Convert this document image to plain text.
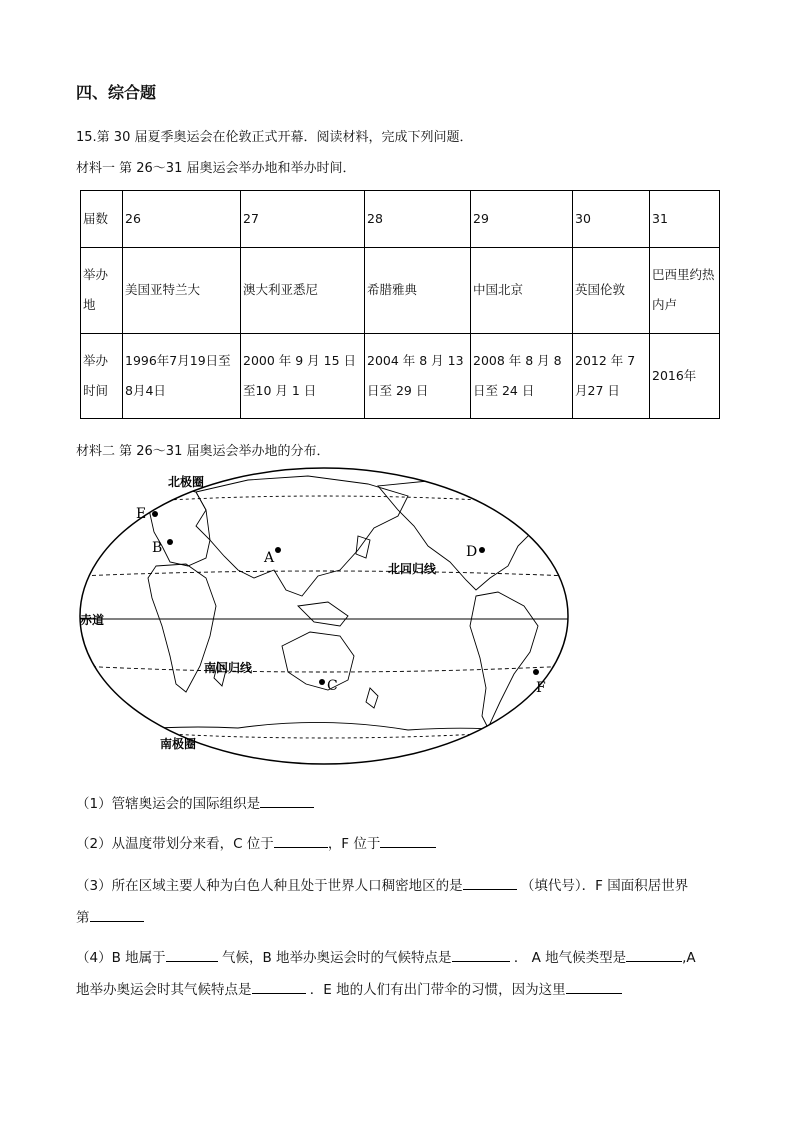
四、综合题
15.第 30 届夏季奥运会在伦敦正式开幕．阅读材料，完成下列问题．
材料一 第 26～31 届奥运会举办地和举办时间．
届数	26	27	28	29	30	31
举办地	美国亚特兰大	澳大利亚悉尼	希腊雅典	中国北京	英国伦敦	巴西里约热内卢
举办时间	1996年7月19日至8月4日	2000 年 9 月 15 日至10 月 1 日	2004 年 8 月 13 日至 29 日	2008 年 8 月 8 日至 24 日	2012 年 7 月27 日	2016年
材料二 第 26～31 届奥运会举办地的分布．
北极圈
北回归线
赤道
南回归线
南极圈
E
B
A	D
C	F
（1）管辖奥运会的国际组织是
（2）从温度带划分来看，C 位于	，F 位于
（3）所在区域主要人种为白色人种且处于世界人口稠密地区的是	（填代号）．F 国面积居世界
第
（4）B 地属于	气候，B 地举办奥运会时的气候特点是	． A 地气候类型是	,A
地举办奥运会时其气候特点是	．E 地的人们有出门带伞的习惯，因为这里
